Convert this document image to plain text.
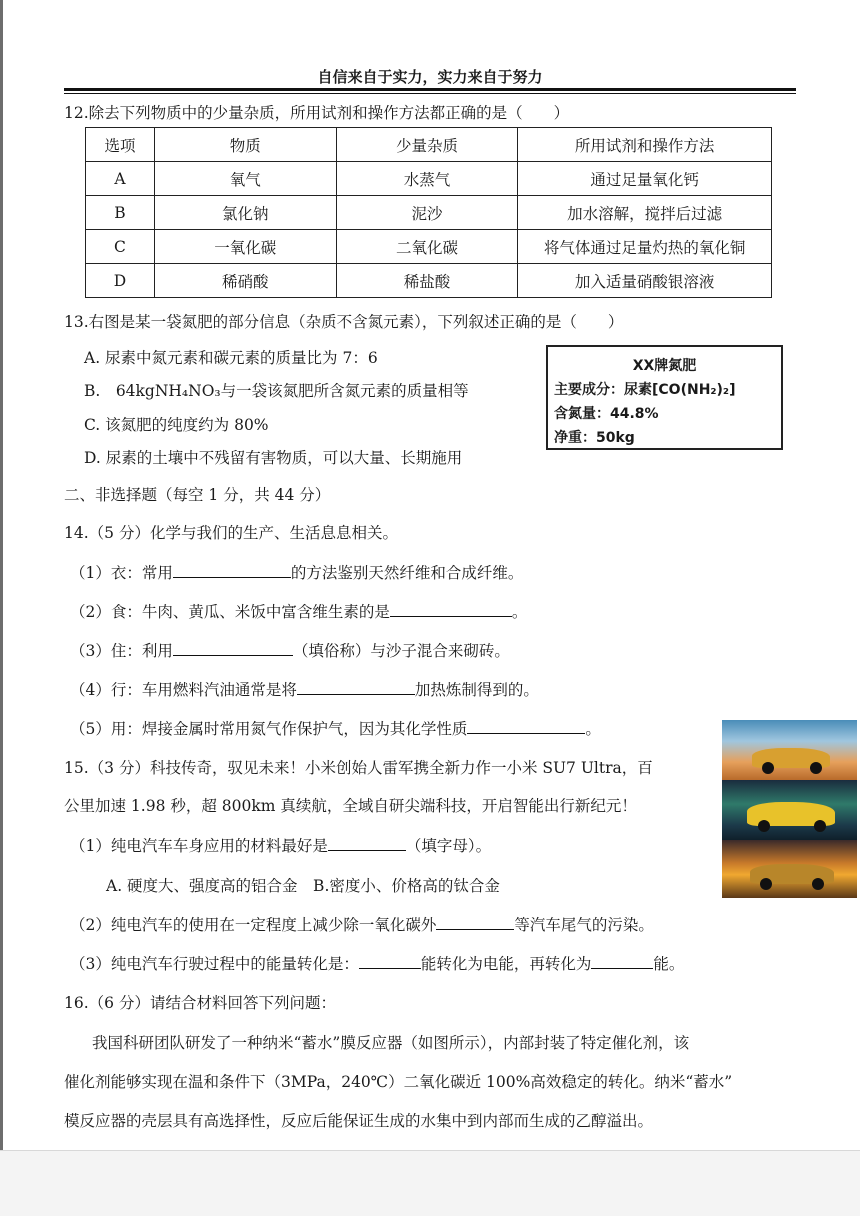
自信来自于实力，实力来自于努力
12.除去下列物质中的少量杂质，所用试剂和操作方法都正确的是（　　）
选项	物质	少量杂质	所用试剂和操作方法
A	氧气	水蒸气	通过足量氧化钙
B	氯化钠	泥沙	加水溶解，搅拌后过滤
C	一氧化碳	二氧化碳	将气体通过足量灼热的氧化铜
D	稀硝酸	稀盐酸	加入适量硝酸银溶液
13.右图是某一袋氮肥的部分信息（杂质不含氮元素），下列叙述正确的是（　　）
A. 尿素中氮元素和碳元素的质量比为 7：6
B.　64kgNH₄NO₃与一袋该氮肥所含氮元素的质量相等
C. 该氮肥的纯度约为 80%
D. 尿素的土壤中不残留有害物质，可以大量、长期施用
XX牌氮肥
主要成分：尿素[CO(NH₂)₂]
含氮量：44.8%
净重：50kg
二、非选择题（每空 1 分，共 44 分）
14.（5 分）化学与我们的生产、生活息息相关。
（1）衣：常用	的方法鉴别天然纤维和合成纤维。
（2）食：牛肉、黄瓜、米饭中富含维生素的是	。
（3）住：利用	（填俗称）与沙子混合来砌砖。
（4）行：车用燃料汽油通常是将	加热炼制得到的。
（5）用：焊接金属时常用氮气作保护气，因为其化学性质	。
15.（3 分）科技传奇，驭见未来！小米创始人雷军携全新力作一小米 SU7 Ultra，百
公里加速 1.98 秒，超 800km 真续航，全域自研尖端科技，开启智能出行新纪元！
（1）纯电汽车车身应用的材料最好是	（填字母）。
A. 硬度大、强度高的铝合金　B.密度小、价格高的钛合金
（2）纯电汽车的使用在一定程度上减少除一氧化碳外	等汽车尾气的污染。
（3）纯电汽车行驶过程中的能量转化是：	能转化为电能，再转化为	能。
16.（6 分）请结合材料回答下列问题：
我国科研团队研发了一种纳米“蓄水”膜反应器（如图所示），内部封装了特定催化剂，该
催化剂能够实现在温和条件下（3MPa，240℃）二氧化碳近 100%高效稳定的转化。纳米“蓄水”
模反应器的壳层具有高选择性，反应后能保证生成的水集中到内部而生成的乙醇溢出。
